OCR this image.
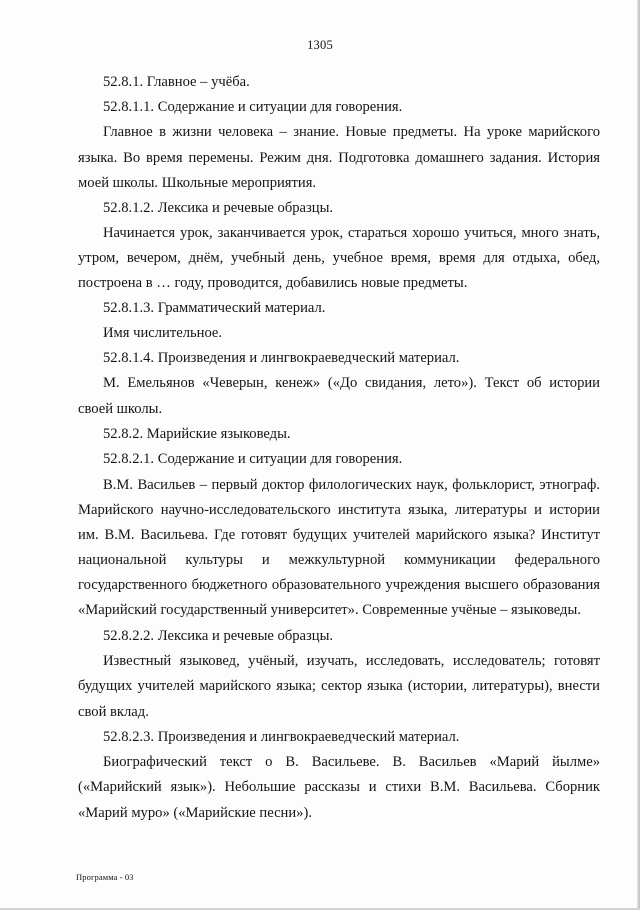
1305
52.8.1. Главное – учёба.
52.8.1.1. Содержание и ситуации для говорения.
Главное в жизни человека – знание. Новые предметы. На уроке марийского
языка. Во время перемены. Режим дня. Подготовка домашнего задания. История
моей школы. Школьные мероприятия.
52.8.1.2. Лексика и речевые образцы.
Начинается урок, заканчивается урок, стараться хорошо учиться, много знать,
утром, вечером, днём, учебный день, учебное время, время для отдыха, обед,
построена в … году, проводится, добавились новые предметы.
52.8.1.3. Грамматический материал.
Имя числительное.
52.8.1.4. Произведения и лингвокраеведческий материал.
М. Емельянов «Чеверын, кенеж» («До свидания, лето»). Текст об истории
своей школы.
52.8.2. Марийские языковеды.
52.8.2.1. Содержание и ситуации для говорения.
В.М. Васильев – первый доктор филологических наук, фольклорист, этнограф.
Марийского научно-исследовательского института языка, литературы и истории
им. В.М. Васильева. Где готовят будущих учителей марийского языка? Институт
национальной культуры и межкультурной коммуникации федерального
государственного бюджетного образовательного учреждения высшего образования
«Марийский государственный университет». Современные учёные – языковеды.
52.8.2.2. Лексика и речевые образцы.
Известный языковед, учёный, изучать, исследовать, исследователь; готовят
будущих учителей марийского языка; сектор языка (истории, литературы), внести
свой вклад.
52.8.2.3. Произведения и лингвокраеведческий материал.
Биографический текст о В. Васильеве. В. Васильев «Марий йылме»
(«Марийский язык»). Небольшие рассказы и стихи В.М. Васильева. Сборник
«Марий муро» («Марийские песни»).
Программа - 03
